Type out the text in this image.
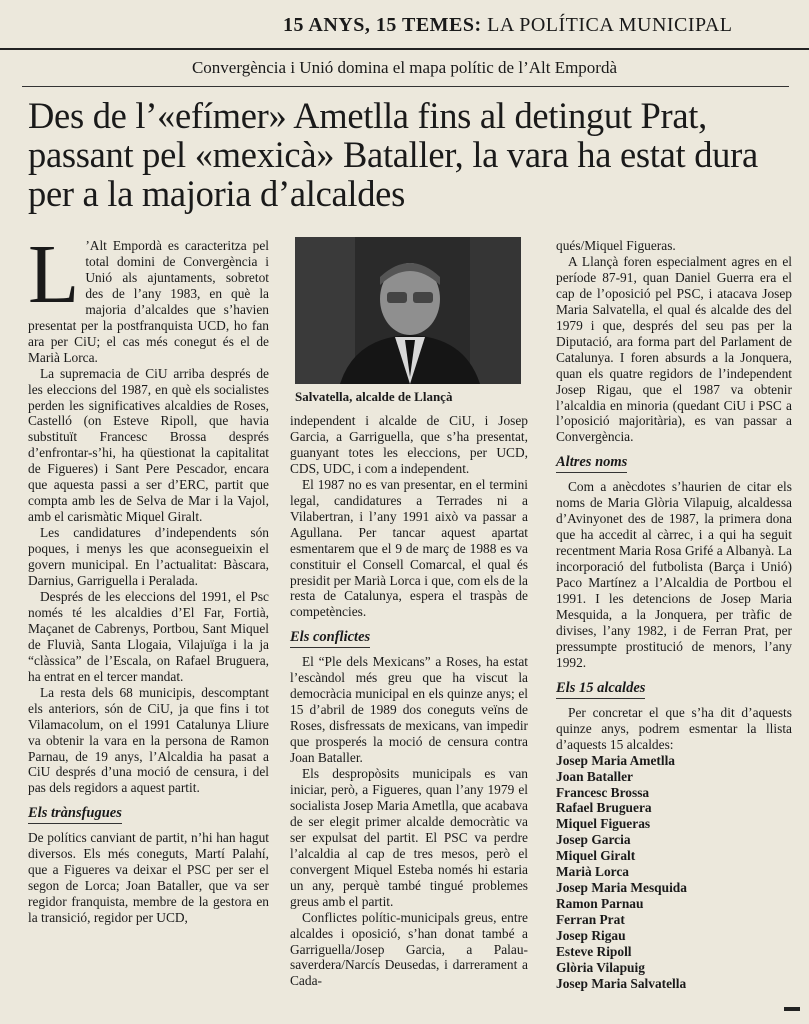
15 ANYS, 15 TEMES: LA POLÍTICA MUNICIPAL
Convergència i Unió domina el mapa polític de l’Alt Empordà
Des de l’«efímer» Ametlla fins al detingut Prat, passant pel «mexicà» Bataller, la vara ha estat dura per a la majoria d’alcaldes

L ’Alt Empordà es caracteritza pel total domini de Convergència i Unió als ajuntaments, sobretot des de l’any 1983, en què la majoria d’alcaldes que s’havien presentat per la postfranquista UCD, ho fan ara per CiU; el cas més conegut és el de Marià Lorca.

La supremacia de CiU arriba després de les eleccions del 1987, en què els socialistes perden les significatives alcaldies de Roses, Castelló (on Esteve Ripoll, que havia substituït Francesc Brossa després d’enfrontar-s’hi, ha qüestionat la capitalitat de Figueres) i Sant Pere Pescador, encara que aquesta passi a ser d’ERC, partit que compta amb les de Selva de Mar i la Vajol, amb el carismàtic Miquel Giralt.

Les candidatures d’independents són poques, i menys les que aconsegueixin el govern municipal. En l’actualitat: Bàscara, Darnius, Garriguella i Peralada.

Després de les eleccions del 1991, el Psc només té les alcaldies d’El Far, Fortià, Maçanet de Cabrenys, Portbou, Sant Miquel de Fluvià, Santa Llogaia, Vilajuïga i la ja “clàssica” de l’Escala, on Rafael Bruguera, ha entrat en el tercer mandat.

La resta dels 68 municipis, descomptant els anteriors, són de CiU, ja que fins i tot Vilamacolum, on el 1991 Catalunya Lliure va obtenir la vara en la persona de Ramon Parnau, de 19 anys, l’Alcaldia ha pasat a CiU després d’una moció de censura, i del pas dels regidors a aquest partit.

Els trànsfugues

De polítics canviant de partit, n’hi han hagut diversos. Els més coneguts, Martí Palahí, que a Figueres va deixar el PSC per ser el segon de Lorca; Joan Bataller, que va ser regidor franquista, membre de la gestora en la transició, regidor per UCD,

Salvatella, alcalde de Llançà

independent i alcalde de CiU, i Josep Garcia, a Garriguella, que s’ha presentat, guanyant totes les eleccions, per UCD, CDS, UDC, i com a independent.

El 1987 no es van presentar, en el termini legal, candidatures a Terrades ni a Vilabertran, i l’any 1991 això va passar a Agullana. Per tancar aquest apartat esmentarem que el 9 de març de 1988 es va constituir el Consell Comarcal, el qual és presidit per Marià Lorca i que, com els de la resta de Catalunya, espera el traspàs de competències.

Els conflictes

El “Ple dels Mexicans” a Roses, ha estat l’escàndol més greu que ha viscut la democràcia municipal en els quinze anys; el 15 d’abril de 1989 dos coneguts veïns de Roses, disfressats de mexicans, van impedir que prosperés la moció de censura contra Joan Bataller.

Els despropòsits municipals es van iniciar, però, a Figueres, quan l’any 1979 el socialista Josep Maria Ametlla, que acabava de ser elegit primer alcalde democràtic va ser expulsat del partit. El PSC va perdre l’alcaldia al cap de tres mesos, però el convergent Miquel Esteba només hi estaria un any, perquè també tingué problemes greus amb el partit.

Conflictes polític-municipals greus, entre alcaldes i oposició, s’han donat també a Garriguella/Josep Garcia, a Palau-saverdera/Narcís Deusedas, i darrerament a Cada-

qués/Miquel Figueras.

A Llançà foren especialment agres en el període 87-91, quan Daniel Guerra era el cap de l’oposició pel PSC, i atacava Josep Maria Salvatella, el qual és alcalde des del 1979 i que, després del seu pas per la Diputació, ara forma part del Parlament de Catalunya. I foren absurds a la Jonquera, quan els quatre regidors de l’independent Josep Rigau, que el 1987 va obtenir l’alcaldia en minoria (quedant CiU i PSC a l’oposició majoritària), es van passar a Convergència.

Altres noms

Com a anècdotes s’haurien de citar els noms de Maria Glòria Vilapuig, alcaldessa d’Avinyonet des de 1987, la primera dona que ha accedit al càrrec, i a qui ha seguit recentment Maria Rosa Grifé a Albanyà. La incorporació del futbolista (Barça i Unió) Paco Martínez a l’Alcaldia de Portbou el 1991. I les detencions de Josep Maria Mesquida, a la Jonquera, per tràfic de divises, l’any 1982, i de Ferran Prat, per pressumpte prostitució de menors, l’any 1992.

Els 15 alcaldes

Per concretar el que s’ha dit d’aquests quinze anys, podrem esmentar la llista d’aquests 15 alcaldes:

Josep Maria Ametlla

Joan Bataller

Francesc Brossa

Rafael Bruguera

Miquel Figueras

Josep Garcia

Miquel Giralt

Marià Lorca

Josep Maria Mesquida

Ramon Parnau

Ferran Prat

Josep Rigau

Esteve Ripoll

Glòria Vilapuig

Josep Maria Salvatella
